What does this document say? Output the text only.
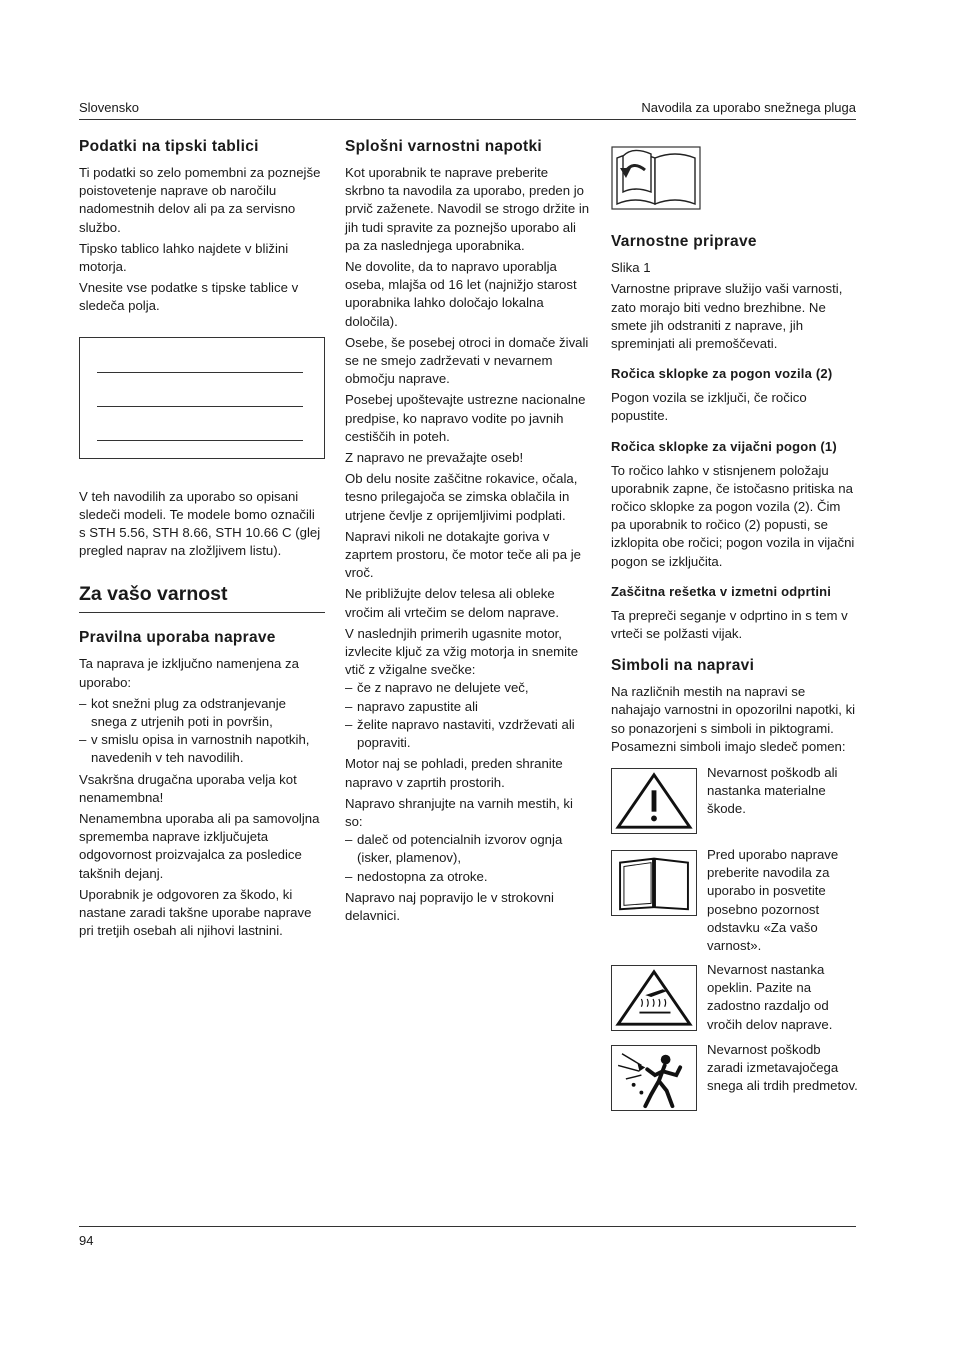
Slovensko	Navodila za uporabo snežnega pluga
Podatki na tipski tablici

Ti podatki so zelo pomembni za poznejše poistovetenje naprave ob naročilu nadomestnih delov ali pa za servisno službo.

Tipsko tablico lahko najdete v bližini motorja.

Vnesite vse podatke s tipske tablice v sledeča polja.

V teh navodilih za uporabo so opisani sledeči modeli. Te modele bomo označili s STH 5.56, STH 8.66, STH 10.66 C (glej pregled naprav na zložljivem listu).

Za vašo varnost
Pravilna uporaba naprave

Ta naprava je izključno namenjena za uporabo:

– kot snežni plug za odstranjevanje snega z utrjenih poti in površin,
– v smislu opisa in varnostnih napotkih, navedenih v teh navodilih.

Vsakršna drugačna uporaba velja kot nenamembna!

Nenamembna uporaba ali pa samovoljna sprememba naprave izključujeta odgovornost proizvajalca za posledice takšnih dejanj.

Uporabnik je odgovoren za škodo, ki nastane zaradi takšne uporabe naprave pri tretjih osebah ali njihovi lastnini.

Splošni varnostni napotki

Kot uporabnik te naprave preberite skrbno ta navodila za uporabo, preden jo prvič zaženete. Navodil se strogo držite in jih tudi spravite za poznejšo uporabo ali pa za naslednjega uporabnika.

Ne dovolite, da to napravo uporablja oseba, mlajša od 16 let (najnižjo starost uporabnika lahko določajo lokalna določila).

Osebe, še posebej otroci in domače živali se ne smejo zadrževati v nevarnem območju naprave.

Posebej upoštevajte ustrezne nacionalne predpise, ko napravo vodite po javnih cestiščih in poteh.

Z napravo ne prevažajte oseb!

Ob delu nosite zaščitne rokavice, očala, tesno prilegajoča se zimska oblačila in utrjene čevlje z oprijemljivimi podplati.

Napravi nikoli ne dotakajte goriva v zaprtem prostoru, če motor teče ali pa je vroč.

Ne približujte delov telesa ali obleke vročim ali vrtečim se delom naprave.

V naslednjih primerih ugasnite motor, izvlecite ključ za vžig motorja in snemite vtič z vžigalne svečke:

– če z napravo ne delujete več,
– napravo zapustite ali
– želite napravo nastaviti, vzdrževati ali popraviti.

Motor naj se pohladi, preden shranite napravo v zaprtih prostorih.

Napravo shranjujte na varnih mestih, ki so:

– daleč od potencialnih izvorov ognja (isker, plamenov),
– nedostopna za otroke.

Napravo naj popravijo le v strokovni delavnici.

Varnostne priprave

Slika 1

Varnostne priprave služijo vaši varnosti, zato morajo biti vedno brezhibne. Ne smete jih odstraniti z naprave, jih spreminjati ali premoščevati.

Ročica sklopke za pogon vozila (2)

Pogon vozila se izključi, če ročico popustite.

Ročica sklopke za vijačni pogon (1)

To ročico lahko v stisnjenem položaju uporabnik zapne, če istočasno pritiska na ročico sklopke za pogon vozila (2). Čim pa uporabnik to ročico (2) popusti, se izklopita obe ročici; pogon vozila in vijačni pogon se izključita.

Zaščitna rešetka v izmetni odprtini

Ta prepreči seganje v odprtino in s tem v vrteči se polžasti vijak.

Simboli na napravi

Na različnih mestih na napravi se nahajajo varnostni in opozorilni napotki, ki so ponazorjeni s simboli in piktogrami. Posamezni simboli imajo sledeč pomen:

Nevarnost poškodb ali nastanka materialne škode.
Pred uporabo naprave preberite navodila za uporabo in posvetite posebno pozornost odstavku «Za vašo varnost».
Nevarnost nastanka opeklin. Pazite na zadostno razdaljo od vročih delov naprave.
Nevarnost poškodb zaradi izmetavajočega snega ali trdih predmetov.
94
